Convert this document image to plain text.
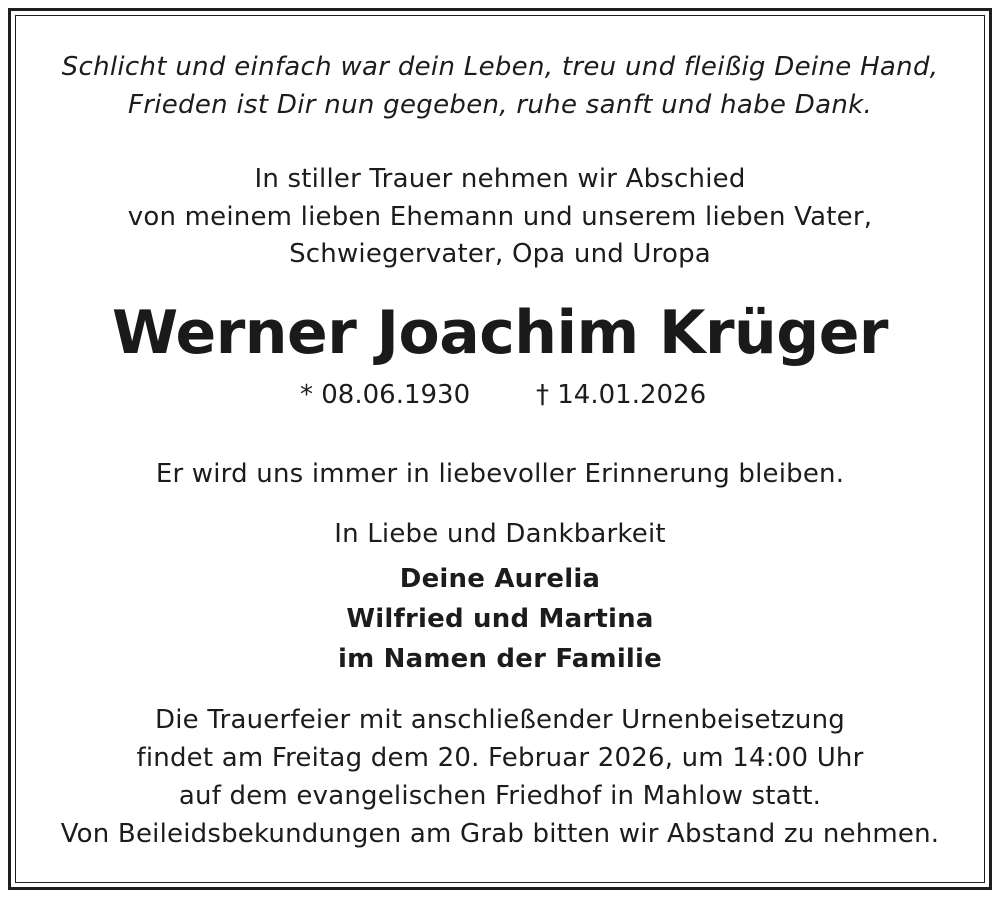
Schlicht und einfach war dein Leben, treu und fleißig Deine Hand,
Frieden ist Dir nun gegeben, ruhe sanft und habe Dank.
In stiller Trauer nehmen wir Abschied
von meinem lieben Ehemann und unserem lieben Vater,
Schwiegervater, Opa und Uropa
Werner Joachim Krüger
* 08.06.1930	† 14.01.2026
Er wird uns immer in liebevoller Erinnerung bleiben.
In Liebe und Dankbarkeit
Deine Aurelia
Wilfried und Martina
im Namen der Familie
Die Trauerfeier mit anschließender Urnenbeisetzung
findet am Freitag dem 20. Februar 2026, um 14:00 Uhr
auf dem evangelischen Friedhof in Mahlow statt.
Von Beileidsbekundungen am Grab bitten wir Abstand zu nehmen.
